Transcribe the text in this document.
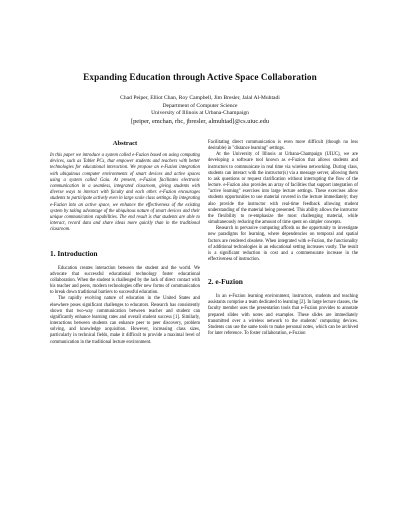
Expanding Education through Active Space Collaboration
Chad Peiper, Elliot Chan, Roy Campbell, Jim Bresler, Jalal Al-Muhtadi
Department of Computer Science
University of Illinois at Urbana-Champaign
[peiper, emchan, rhc, jbresler, almuhtad]@cs.uiuc.edu
Abstract

In this paper we introduce a system called e-Fuzion based on using computing devices, such as Tablet PCs, that empower students and teachers with better technologies for educational interaction. We propose an e-Fuzion integration with ubiquitous computer environments of smart devices and active spaces using a system called Gaia. At present, e-Fuzion facilitates electronic communication in a seamless, integrated classroom, giving students with diverse ways to interact with faculty and each other. e-Fuzion encourages students to participate actively even in large scale class settings. By integrating e-Fuzion into an active space, we enhance the effectiveness of the existing system by taking advantage of the ubiquitous nature of smart devices and their unique communication capabilities. The end result is that students are able to interact, record data and share ideas more quickly than in the traditional classroom.

1. Introduction

Education creates interaction between the student and the world. We advocate that successful educational technology foster educational collaboration. When the student is challenged by the lack of direct contact with his teacher and peers, modern technologies offer new forms of communication to break down traditional barriers to successful education.

The rapidly evolving nature of education in the United States and elsewhere poses significant challenges to educators. Research has consistently shown that two-way communication between teacher and student can significantly enhance learning rates and overall student success [1]. Similarly, interactions between students can enhance peer to peer discovery, problem solving, and knowledge acquisition. However, increasing class sizes, particularly in technical fields, make it difficult to provide a maximal level of communication in the traditional lecture environment.

Facilitating direct communication is even more difficult (though no less desirable) in "distance learning" settings.

At the University of Illinois at Urbana-Champaign (UIUC), we are developing a software tool known as e-Fuzion that allows students and instructors to communicate in real time via wireless networking. During class, students can interact with the instructor(s) via a message server, allowing them to ask questions or request clarification without interrupting the flow of the lecture. e-Fuzion also provides an array of facilities that support integration of "active learning" exercises into large lecture settings. These exercises allow students opportunities to use material covered in the lecture immediately; they also provide the instructor with real-time feedback allowing student understanding of the material being presented. This ability allows the instructor the flexibility to re-emphasize the most challenging material, while simultaneously reducing the amount of time spent on simpler concepts.

Research in pervasive computing affords us the opportunity to investigate new paradigms for learning, where dependencies on temporal and spatial factors are rendered obsolete. When integrated with e-Fuzion, the functionality of additional technologies in an educational setting increases vastly. The result is a significant reduction in cost and a commensurate increase in the effectiveness of instruction.

2. e-Fuzion

In an e-Fuzion learning environment, instructors, students and teaching assistants comprise a team dedicated to learning [2]. In large lecture classes, the faculty member uses the presentation tools that e-Fuzion provides to annotate prepared slides with notes and examples. These slides are immediately transmitted over a wireless network to the students' computing devices. Students can use the same tools to make personal notes, which can be archived for later reference. To foster collaboration, e-Fuzion
